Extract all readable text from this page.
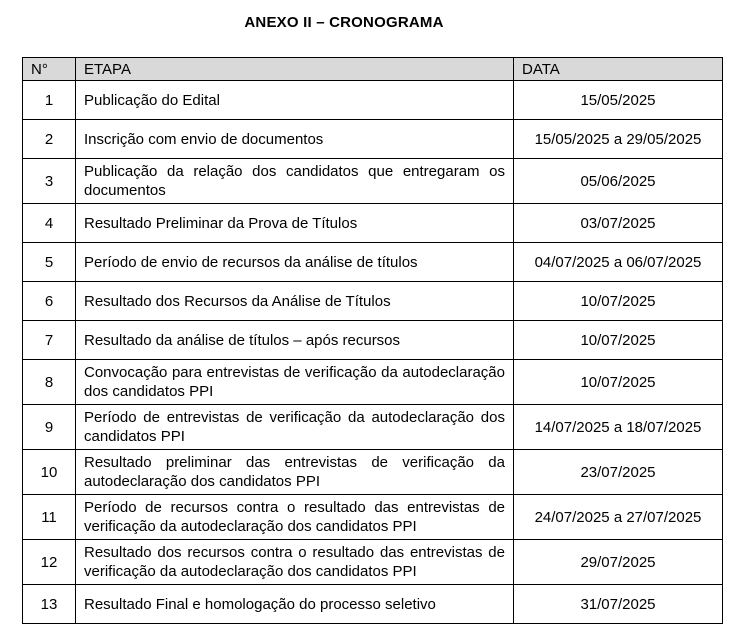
ANEXO II – CRONOGRAMA
N°	ETAPA	DATA
1	Publicação do Edital	15/05/2025
2	Inscrição com envio de documentos	15/05/2025 a 29/05/2025
3	Publicação da relação dos candidatos que entregaram os documentos	05/06/2025
4	Resultado Preliminar da Prova de Títulos	03/07/2025
5	Período de envio de recursos da análise de títulos	04/07/2025 a 06/07/2025
6	Resultado dos Recursos da Análise de Títulos	10/07/2025
7	Resultado da análise de títulos – após recursos	10/07/2025
8	Convocação para entrevistas de verificação da autodeclaração dos candidatos PPI	10/07/2025
9	Período de entrevistas de verificação da autodeclaração dos candidatos PPI	14/07/2025 a 18/07/2025
10	Resultado preliminar das entrevistas de verificação da autodeclaração dos candidatos PPI	23/07/2025
11	Período de recursos contra o resultado das entrevistas de verificação da autodeclaração dos candidatos PPI	24/07/2025 a 27/07/2025
12	Resultado dos recursos contra o resultado das entrevistas de verificação da autodeclaração dos candidatos PPI	29/07/2025
13	Resultado Final e homologação do processo seletivo	31/07/2025
